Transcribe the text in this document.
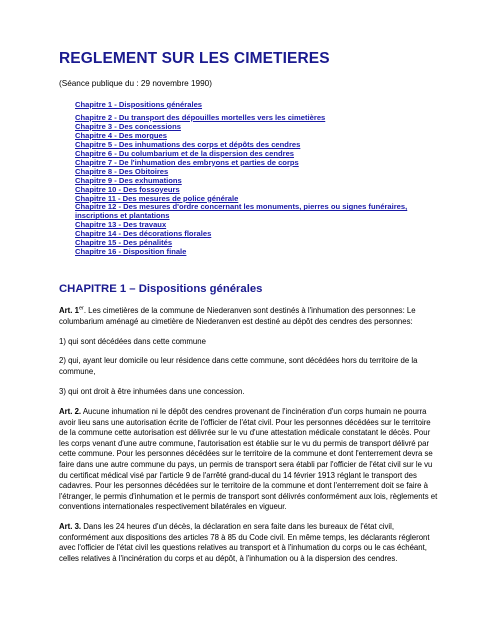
REGLEMENT SUR LES CIMETIERES
(Séance publique du : 29 novembre 1990)
Chapitre 1 - Dispositions générales
Chapitre 2 - Du transport des dépouilles mortelles vers les cimetières
Chapitre 3 - Des concessions
Chapitre 4 - Des morgues
Chapitre 5 - Des inhumations des corps et dépôts des cendres
Chapitre 6 - Du columbarium et de la dispersion des cendres
Chapitre 7 - De l'inhumation des embryons et parties de corps
Chapitre 8 - Des Obitoires
Chapitre 9 - Des exhumations
Chapitre 10 - Des fossoyeurs
Chapitre 11 - Des mesures de police générale
Chapitre 12 - Des mesures d'ordre concernant les monuments, pierres ou signes funéraires, inscriptions et plantations
Chapitre 13 - Des travaux
Chapitre 14 - Des décorations florales
Chapitre 15 - Des pénalités
Chapitre 16 - Disposition finale
CHAPITRE 1 – Dispositions générales

Art. 1er. Les cimetières de la commune de Niederanven sont destinés à l'inhumation des personnes: Le columbarium aménagé au cimetière de Niederanven est destiné au dépôt des cendres des personnes:

1) qui sont décédées dans cette commune

2) qui, ayant leur domicile ou leur résidence dans cette commune, sont décédées hors du territoire de la commune,

3) qui ont droit à être inhumées dans une concession.

Art. 2. Aucune inhumation ni le dépôt des cendres provenant de l'incinération d'un corps humain ne pourra avoir lieu sans une autorisation écrite de l'officier de l'état civil. Pour les personnes décédées sur le territoire de la commune cette autorisation est délivrée sur le vu d'une attestation médicale constatant le décès. Pour les corps venant d'une autre commune, l'autorisation est établie sur le vu du permis de transport délivré par cette commune. Pour les personnes décédées sur le territoire de la commune et dont l'enterrement devra se faire dans une autre commune du pays, un permis de transport sera établi par l'officier de l'état civil sur le vu du certificat médical visé par l'article 9 de l'arrêté grand-ducal du 14 février 1913 réglant le transport des cadavres. Pour les personnes décédées sur le territoire de la commune et dont l'enterrement doit se faire à l'étranger, le permis d'inhumation et le permis de transport sont délivrés conformément aux lois, règlements et conventions internationales respectivement bilatérales en vigueur.

Art. 3. Dans les 24 heures d'un décès, la déclaration en sera faite dans les bureaux de l'état civil, conformément aux dispositions des articles 78 à 85 du Code civil. En même temps, les déclarants régleront avec l'officier de l'état civil les questions relatives au transport et à l'inhumation du corps ou le cas échéant, celles relatives à l'incinération du corps et au dépôt, à l'inhumation ou à la dispersion des cendres.
